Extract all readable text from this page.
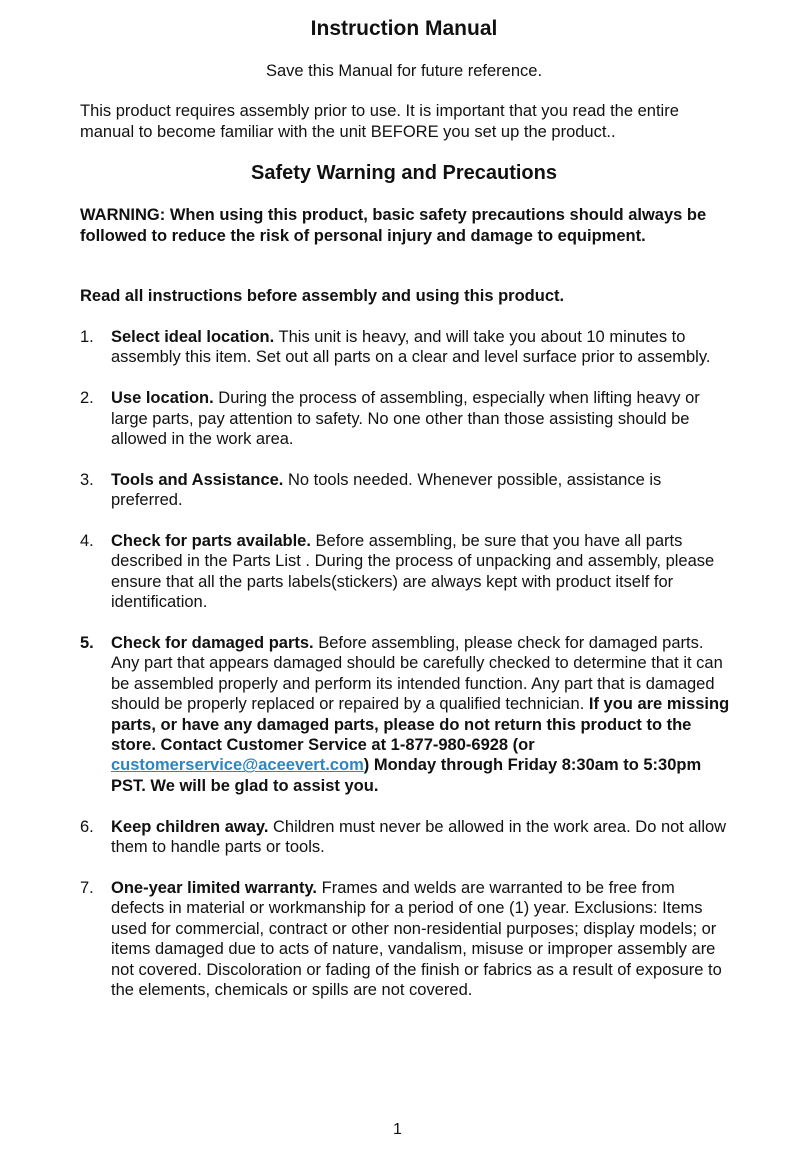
Instruction Manual
Save this Manual for future reference.
This product requires assembly prior to use. It is important that you read the entire manual to become familiar with the unit BEFORE you set up the product..
Safety Warning and Precautions
WARNING: When using this product, basic safety precautions should always be followed to reduce the risk of personal injury and damage to equipment.
Read all instructions before assembly and using this product.
1. Select ideal location. This unit is heavy, and will take you about 10 minutes to assembly this item. Set out all parts on a clear and level surface prior to assembly.
2. Use location. During the process of assembling, especially when lifting heavy or large parts, pay attention to safety. No one other than those assisting should be allowed in the work area.
3. Tools and Assistance. No tools needed. Whenever possible, assistance is preferred.
4. Check for parts available. Before assembling, be sure that you have all parts described in the Parts List . During the process of unpacking and assembly, please ensure that all the parts labels(stickers) are always kept with product itself for identification.
5. Check for damaged parts. Before assembling, please check for damaged parts. Any part that appears damaged should be carefully checked to determine that it can be assembled properly and perform its intended function. Any part that is damaged should be properly replaced or repaired by a qualified technician. If you are missing parts, or have any damaged parts, please do not return this product to the store. Contact Customer Service at 1-877-980-6928 (or customerservice@aceevert.com) Monday through Friday 8:30am to 5:30pm PST. We will be glad to assist you.
6. Keep children away. Children must never be allowed in the work area. Do not allow them to handle parts or tools.
7. One-year limited warranty. Frames and welds are warranted to be free from defects in material or workmanship for a period of one (1) year. Exclusions: Items used for commercial, contract or other non-residential purposes; display models; or items damaged due to acts of nature, vandalism, misuse or improper assembly are not covered. Discoloration or fading of the finish or fabrics as a result of exposure to the elements, chemicals or spills are not covered.
1
